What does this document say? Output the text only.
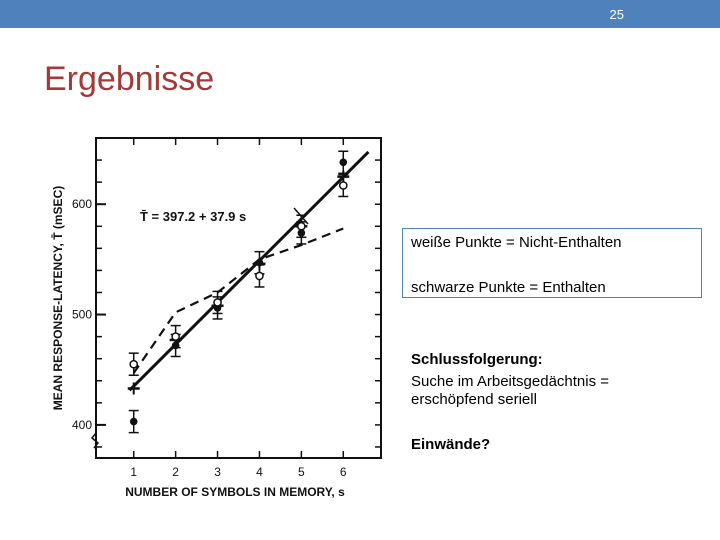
25
Ergebnisse
MEAN RESPONSE-LATENCY, T̄ (mSEC)
NUMBER OF SYMBOLS IN MEMORY, s
T̄ = 397.2 + 37.9 s
400
500
600
1	2	3	4	5	6
weiße Punkte = Nicht-Enthalten
schwarze Punkte = Enthalten
Schlussfolgerung:
Suche im Arbeitsgedächtnis =
erschöpfend seriell
Einwände?
